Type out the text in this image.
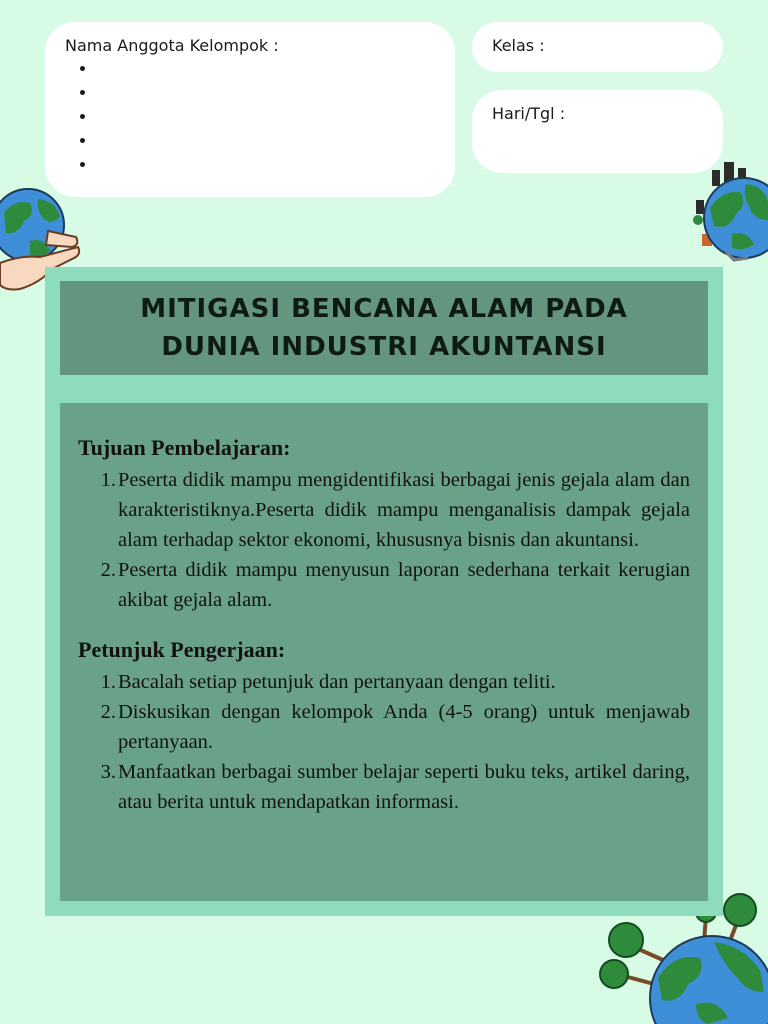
Nama Anggota Kelompok :

•
•
•
•
•	Kelas :
Hari/Tgl :
MITIGASI BENCANA ALAM PADA
DUNIA INDUSTRI AKUNTANSI
Tujuan Pembelajaran:
1. Peserta didik mampu mengidentifikasi berbagai jenis gejala alam dan karakteristiknya.Peserta didik mampu menganalisis dampak gejala alam terhadap sektor ekonomi, khususnya bisnis dan akuntansi.
2. Peserta didik mampu menyusun laporan sederhana terkait kerugian akibat gejala alam.
Petunjuk Pengerjaan:
1. Bacalah setiap petunjuk dan pertanyaan dengan teliti.
2. Diskusikan dengan kelompok Anda (4-5 orang) untuk menjawab pertanyaan.
3. Manfaatkan berbagai sumber belajar seperti buku teks, artikel daring, atau berita untuk mendapatkan informasi.
